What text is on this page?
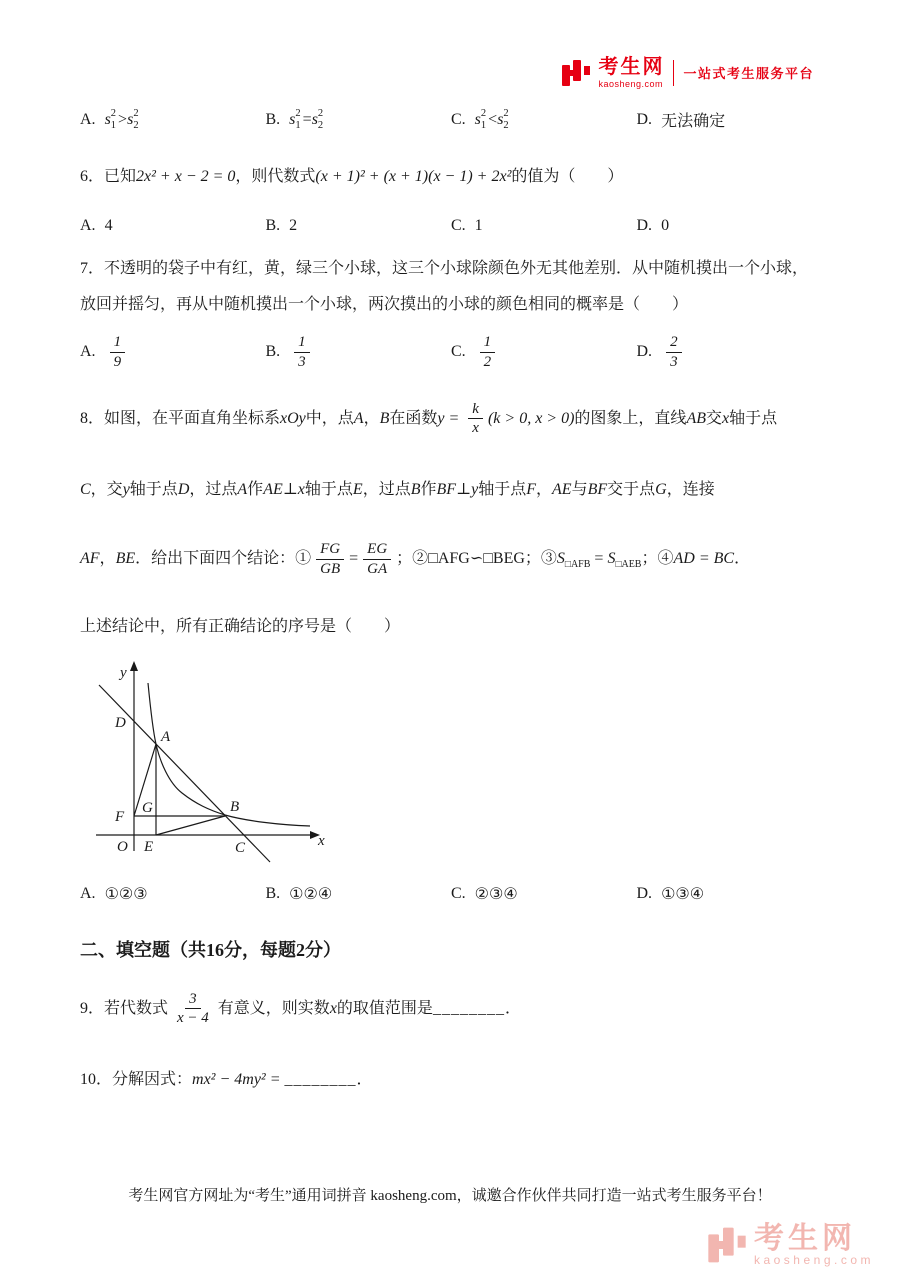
考生网
kaosheng.com
一站式考生服务平台
A. s 2
1 > s 2
2	B. s 2
1 = s 2
2	C. s 2
1 < s 2
2	D. 无法确定
6．已知2x² + x − 2 = 0，则代数式(x + 1)² + (x + 1)(x − 1) + 2x²的值为（　　）
A. 4	B. 2	C. 1	D. 0
7．不透明的袋子中有红，黄，绿三个小球，这三个小球除颜色外无其他差别．从中随机摸出一个小球，放回并摇匀，再从中随机摸出一个小球，两次摸出的小球的颜色相同的概率是（　　）
A. $\frac{1}{9}$	B. $\frac{1}{3}$	C. $\frac{1}{2}$	D. $\frac{2}{3}$
8．如图，在平面直角坐标系xOy中，点A，B在函数$y = \frac{k}{x} (k > 0$, x > 0)的图象上，直线AB交x轴于点
C，交y轴于点D，过点A作AE⊥x轴于点E，过点B作BF⊥y轴于点F，AE与BF交于点G，连接
AF，BE．给出下面四个结论：① $\frac{FG}{GB} = \frac{EG}{GA}$ ；②□AFG∽□BEG；$③S_{□AFB} = S_{□AEB}$；④AD = BC．
上述结论中，所有正确结论的序号是（　　）
y
x
O
D
A
F
G	B
E	C
A. ①②③	B. ①②④	C. ②③④	D. ①③④
二、填空题（共16分，每题2分）
9．若代数式 $\frac{3}{x - 4}$ 有意义，则实数x的取值范围是________．
10．分解因式：mx² − 4my² = ________．
考生网官方网址为“考生”通用词拼音 kaosheng.com，诚邀合作伙伴共同打造一站式考生服务平台！
考生网
kaosheng.com
